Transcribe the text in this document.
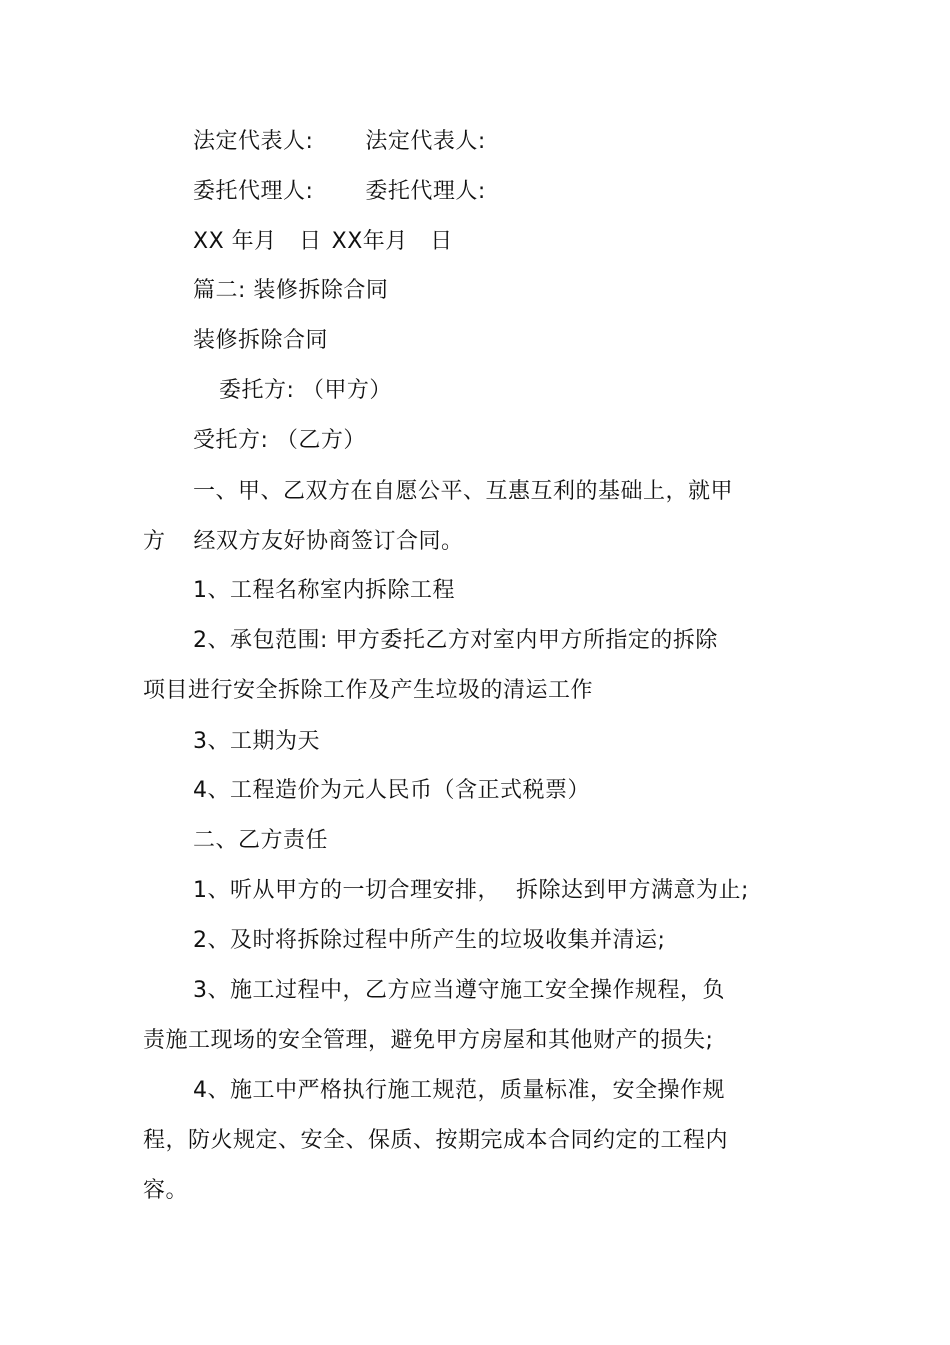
法定代表人: 法定代表人:
委托代理人: 委托代理人:
XX 年月　日 XX年月　日
篇二: 装修拆除合同
装修拆除合同
委托方: （甲方）
受托方: （乙方）
一、甲、乙双方在自愿公平、互惠互利的基础上，就甲
方 经双方友好协商签订合同。
1、工程名称室内拆除工程
2、承包范围: 甲方委托乙方对室内甲方所指定的拆除
项目进行安全拆除工作及产生垃圾的清运工作
3、工期为天
4、工程造价为元人民币（含正式税票）
二、乙方责任
1、听从甲方的一切合理安排， 拆除达到甲方满意为止;
2、及时将拆除过程中所产生的垃圾收集并清运;
3、施工过程中，乙方应当遵守施工安全操作规程，负
责施工现场的安全管理，避免甲方房屋和其他财产的损失;
4、施工中严格执行施工规范，质量标准，安全操作规
程，防火规定、安全、保质、按期完成本合同约定的工程内
容。
